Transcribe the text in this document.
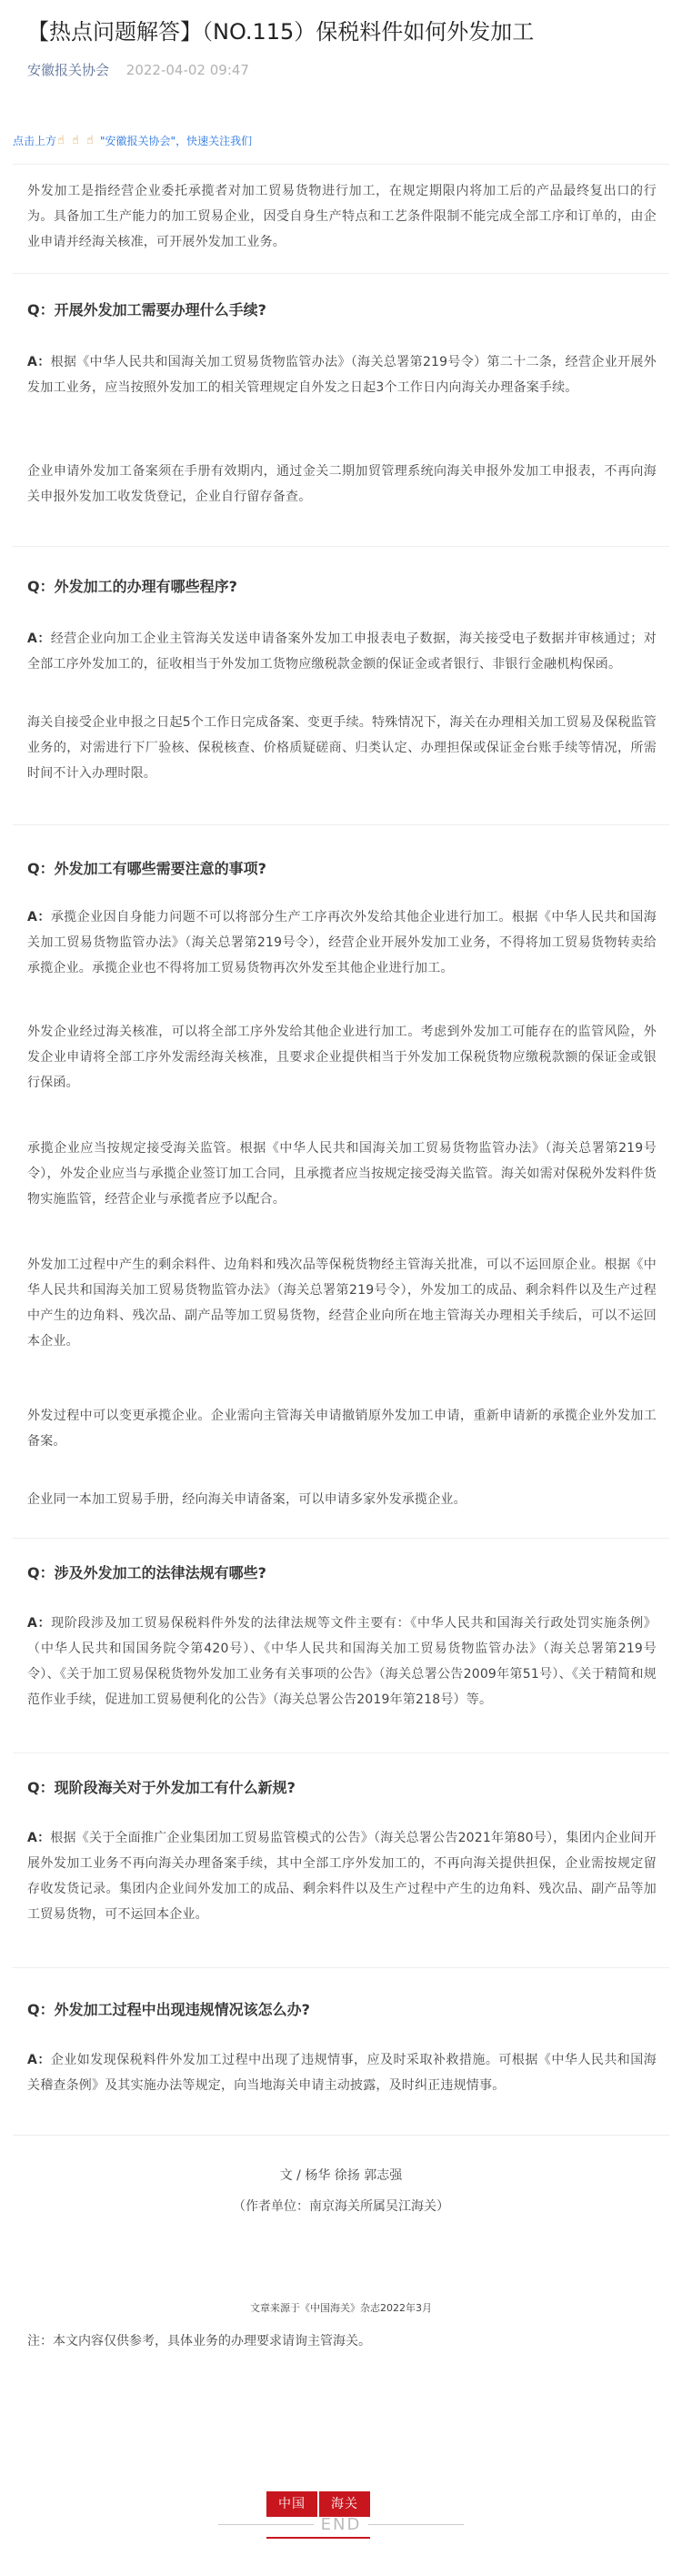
【热点问题解答】（NO.115）保税料件如何外发加工
安徽报关协会 2022-04-02 09:47
点击上方 ☝ ☝ ☝ "安徽报关协会" ，快速关注我们
外发加工是指经营企业委托承揽者对加工贸易货物进行加工，在规定期限内将加工后的产品最终复出口的行为。具备加工生产能力的加工贸易企业，因受自身生产特点和工艺条件限制不能完成全部工序和订单的，由企业申请并经海关核准，可开展外发加工业务。
Q：开展外发加工需要办理什么手续?
A：根据《中华人民共和国海关加工贸易货物监管办法》（海关总署第219号令）第二十二条，经营企业开展外发加工业务，应当按照外发加工的相关管理规定自外发之日起3个工作日内向海关办理备案手续。
企业申请外发加工备案须在手册有效期内，通过金关二期加贸管理系统向海关申报外发加工申报表，不再向海关申报外发加工收发货登记，企业自行留存备查。
Q：外发加工的办理有哪些程序?
A：经营企业向加工企业主管海关发送申请备案外发加工申报表电子数据，海关接受电子数据并审核通过；对全部工序外发加工的，征收相当于外发加工货物应缴税款金额的保证金或者银行、非银行金融机构保函。
海关自接受企业申报之日起5个工作日完成备案、变更手续。特殊情况下，海关在办理相关加工贸易及保税监管业务的，对需进行下厂验核、保税核查、价格质疑磋商、归类认定、办理担保或保证金台账手续等情况，所需时间不计入办理时限。
Q：外发加工有哪些需要注意的事项?
A：承揽企业因自身能力问题不可以将部分生产工序再次外发给其他企业进行加工。根据《中华人民共和国海关加工贸易货物监管办法》（海关总署第219号令），经营企业开展外发加工业务，不得将加工贸易货物转卖给承揽企业。承揽企业也不得将加工贸易货物再次外发至其他企业进行加工。
外发企业经过海关核准，可以将全部工序外发给其他企业进行加工。考虑到外发加工可能存在的监管风险，外发企业申请将全部工序外发需经海关核准，且要求企业提供相当于外发加工保税货物应缴税款额的保证金或银行保函。
承揽企业应当按规定接受海关监管。根据《中华人民共和国海关加工贸易货物监管办法》（海关总署第219号令），外发企业应当与承揽企业签订加工合同，且承揽者应当按规定接受海关监管。海关如需对保税外发料件货物实施监管，经营企业与承揽者应予以配合。
外发加工过程中产生的剩余料件、边角料和残次品等保税货物经主管海关批准，可以不运回原企业。根据《中华人民共和国海关加工贸易货物监管办法》（海关总署第219号令），外发加工的成品、剩余料件以及生产过程中产生的边角料、残次品、副产品等加工贸易货物，经营企业向所在地主管海关办理相关手续后，可以不运回本企业。
外发过程中可以变更承揽企业。企业需向主管海关申请撤销原外发加工申请，重新申请新的承揽企业外发加工备案。
企业同一本加工贸易手册，经向海关申请备案，可以申请多家外发承揽企业。
Q：涉及外发加工的法律法规有哪些?
A：现阶段涉及加工贸易保税料件外发的法律法规等文件主要有：《中华人民共和国海关行政处罚实施条例》（中华人民共和国国务院令第420号）、《中华人民共和国海关加工贸易货物监管办法》（海关总署第219号令）、《关于加工贸易保税货物外发加工业务有关事项的公告》（海关总署公告2009年第51号）、《关于精简和规范作业手续，促进加工贸易便利化的公告》（海关总署公告2019年第218号）等。
Q：现阶段海关对于外发加工有什么新规?
A：根据《关于全面推广企业集团加工贸易监管模式的公告》（海关总署公告2021年第80号），集团内企业间开展外发加工业务不再向海关办理备案手续，其中全部工序外发加工的，不再向海关提供担保，企业需按规定留存收发货记录。集团内企业间外发加工的成品、剩余料件以及生产过程中产生的边角料、残次品、副产品等加工贸易货物，可不运回本企业。
Q：外发加工过程中出现违规情况该怎么办?
A：企业如发现保税料件外发加工过程中出现了违规情事，应及时采取补救措施。可根据《中华人民共和国海关稽查条例》及其实施办法等规定，向当地海关申请主动披露，及时纠正违规情事。
文 / 杨华 徐扬 郭志强
（作者单位：南京海关所属吴江海关）
文章来源于《中国海关》杂志2022年3月
注：本文内容仅供参考，具体业务的办理要求请询主管海关。
中国	海关
END
